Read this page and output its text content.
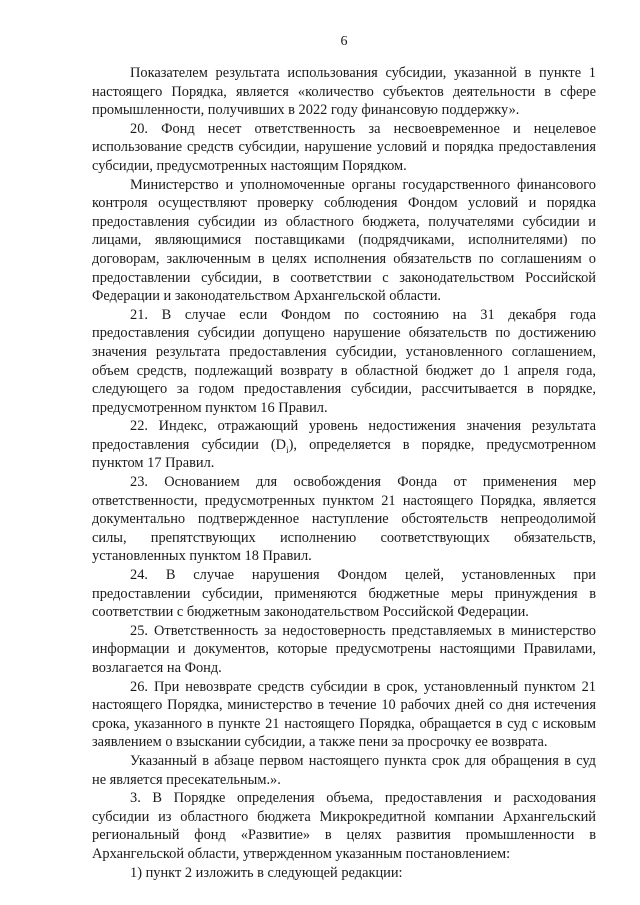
6

Показателем результата использования субсидии, указанной в пункте 1 настоящего Порядка, является «количество субъектов деятельности в сфере промышленности, получивших в 2022 году финансовую поддержку».

20. Фонд несет ответственность за несвоевременное и нецелевое использование средств субсидии, нарушение условий и порядка предоставления субсидии, предусмотренных настоящим Порядком.

Министерство и уполномоченные органы государственного финансового контроля осуществляют проверку соблюдения Фондом условий и порядка предоставления субсидии из областного бюджета, получателями субсидии и лицами, являющимися поставщиками (подрядчиками, исполнителями) по договорам, заключенным в целях исполнения обязательств по соглашениям о предоставлении субсидии, в соответствии с законодательством Российской Федерации и законодательством Архангельской области.

21. В случае если Фондом по состоянию на 31 декабря года предоставления субсидии допущено нарушение обязательств по достижению значения результата предоставления субсидии, установленного соглашением, объем средств, подлежащий возврату в областной бюджет до 1 апреля года, следующего за годом предоставления субсидии, рассчитывается в порядке, предусмотренном пунктом 16 Правил.

22. Индекс, отражающий уровень недостижения значения результата предоставления субсидии $(D_i)$, определяется в порядке, предусмотренном пунктом 17 Правил.

23. Основанием для освобождения Фонда от применения мер ответственности, предусмотренных пунктом 21 настоящего Порядка, является документально подтвержденное наступление обстоятельств непреодолимой силы, препятствующих исполнению соответствующих обязательств, установленных пунктом 18 Правил.

24. В случае нарушения Фондом целей, установленных при предоставлении субсидии, применяются бюджетные меры принуждения в соответствии с бюджетным законодательством Российской Федерации.

25. Ответственность за недостоверность представляемых в министерство информации и документов, которые предусмотрены настоящими Правилами, возлагается на Фонд.

26. При невозврате средств субсидии в срок, установленный пунктом 21 настоящего Порядка, министерство в течение 10 рабочих дней со дня истечения срока, указанного в пункте 21 настоящего Порядка, обращается в суд с исковым заявлением о взыскании субсидии, а также пени за просрочку ее возврата.

Указанный в абзаце первом настоящего пункта срок для обращения в суд не является пресекательным.».

3. В Порядке определения объема, предоставления и расходования субсидии из областного бюджета Микрокредитной компании Архангельский региональный фонд «Развитие» в целях развития промышленности в Архангельской области, утвержденном указанным постановлением:

1) пункт 2 изложить в следующей редакции:
